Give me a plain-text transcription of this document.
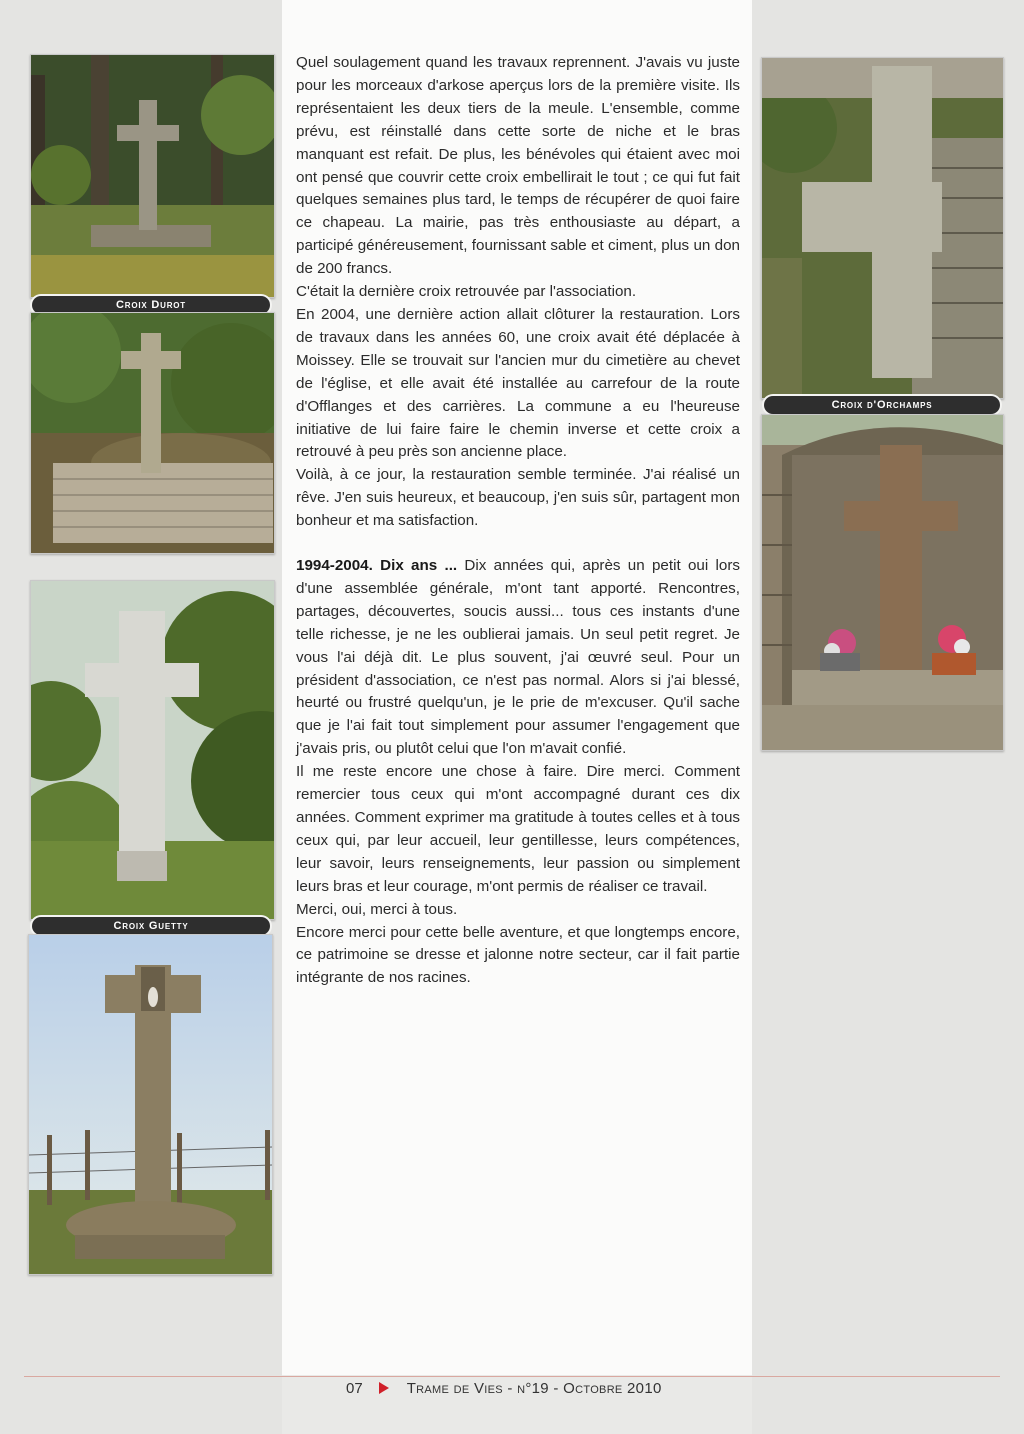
Croix Durot
Croix Guetty
Croix d'Orchamps

Quel soulagement quand les travaux reprennent. J'avais vu juste pour les morceaux d'arkose aperçus lors de la première visite. Ils représentaient les deux tiers de la meule. L'ensemble, comme prévu, est réinstallé dans cette sorte de niche et le bras manquant est refait. De plus, les bénévoles qui étaient avec moi ont pensé que couvrir cette croix embellirait le tout ; ce qui fut fait quelques semaines plus tard, le temps de récupérer de quoi faire ce chapeau. La mairie, pas très enthousiaste au départ, a participé généreusement, fournissant sable et ciment, plus un don de 200 francs.

C'était la dernière croix retrouvée par l'association.

En 2004, une dernière action allait clôturer la restauration. Lors de travaux dans les années 60, une croix avait été déplacée à Moissey. Elle se trouvait sur l'ancien mur du cimetière au chevet de l'église, et elle avait été installée au carrefour de la route d'Offlanges et des carrières. La commune a eu l'heureuse initiative de lui faire faire le chemin inverse et cette croix a retrouvé à peu près son ancienne place.

Voilà, à ce jour, la restauration semble terminée. J'ai réalisé un rêve. J'en suis heureux, et beaucoup, j'en suis sûr, partagent mon bonheur et ma satisfaction.

1994-2004. Dix ans ... Dix années qui, après un petit oui lors d'une assemblée générale, m'ont tant apporté. Rencontres, partages, découvertes, soucis aussi... tous ces instants d'une telle richesse, je ne les oublierai jamais. Un seul petit regret. Je vous l'ai déjà dit. Le plus souvent, j'ai œuvré seul. Pour un président d'association, ce n'est pas normal. Alors si j'ai blessé, heurté ou frustré quelqu'un, je le prie de m'excuser. Qu'il sache que je l'ai fait tout simplement pour assumer l'engagement que j'avais pris, ou plutôt celui que l'on m'avait confié.

Il me reste encore une chose à faire. Dire merci. Comment remercier tous ceux qui m'ont accompagné durant ces dix années. Comment exprimer ma gratitude à toutes celles et à tous ceux qui, par leur accueil, leur gentillesse, leurs compétences, leur savoir, leurs renseignements, leur passion ou simplement leurs bras et leur courage, m'ont permis de réaliser ce travail.

Merci, oui, merci à tous.

Encore merci pour cette belle aventure, et que longtemps encore, ce patrimoine se dresse et jalonne notre secteur, car il fait partie intégrante de nos racines.

07	Trame de Vies - n°19 - Octobre 2010
